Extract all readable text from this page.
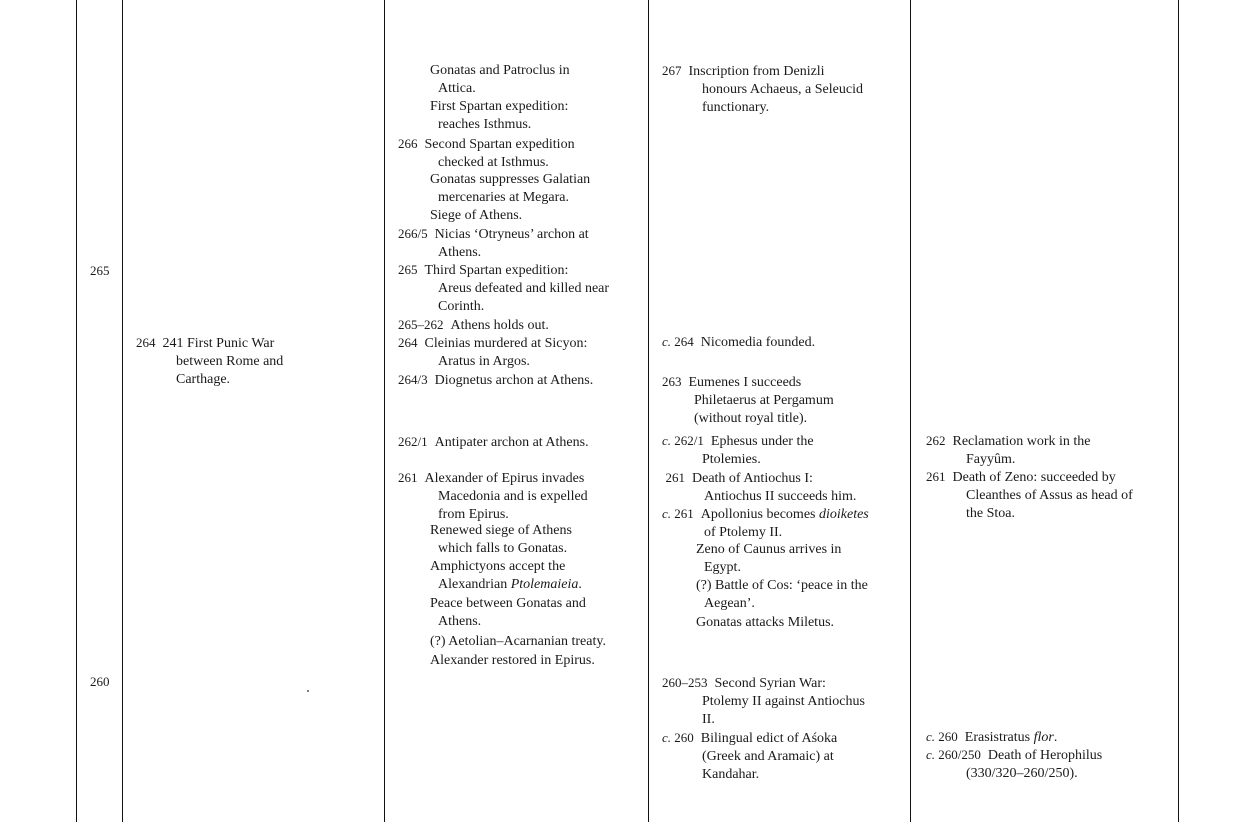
265
260
264 241 First Punic War
between Rome and
Carthage.
Gonatas and Patroclus in
Attica.
First Spartan expedition:
reaches Isthmus.
266 Second Spartan expedition
checked at Isthmus.
Gonatas suppresses Galatian
mercenaries at Megara.
Siege of Athens.
266/5 Nicias ‘Otryneus’ archon at
Athens.
265 Third Spartan expedition:
Areus defeated and killed near
Corinth.
265–262 Athens holds out.
264 Cleinias murdered at Sicyon:
Aratus in Argos.
264/3 Diognetus archon at Athens.
262/1 Antipater archon at Athens.
261 Alexander of Epirus invades
Macedonia and is expelled
from Epirus.
Renewed siege of Athens
which falls to Gonatas.
Amphictyons accept the
Alexandrian Ptolemaieia.
Peace between Gonatas and
Athens.
(?) Aetolian–Acarnanian treaty.
Alexander restored in Epirus.
267 Inscription from Denizli
honours Achaeus, a Seleucid
functionary.
c. 264 Nicomedia founded.
263 Eumenes I succeeds
Philetaerus at Pergamum
(without royal title).
c. 262/1 Ephesus under the
Ptolemies.
261 Death of Antiochus I:
Antiochus II succeeds him.
c. 261 Apollonius becomes dioiketes
of Ptolemy II.
Zeno of Caunus arrives in
Egypt.
(?) Battle of Cos: ‘peace in the
Aegean’.
Gonatas attacks Miletus.
260–253 Second Syrian War:
Ptolemy II against Antiochus
II.
c. 260 Bilingual edict of Aśoka
(Greek and Aramaic) at
Kandahar.
262 Reclamation work in the
Fayyûm.
261 Death of Zeno: succeeded by
Cleanthes of Assus as head of
the Stoa.
c. 260 Erasistratus flor.
c. 260/250 Death of Herophilus
(330/320–260/250).
